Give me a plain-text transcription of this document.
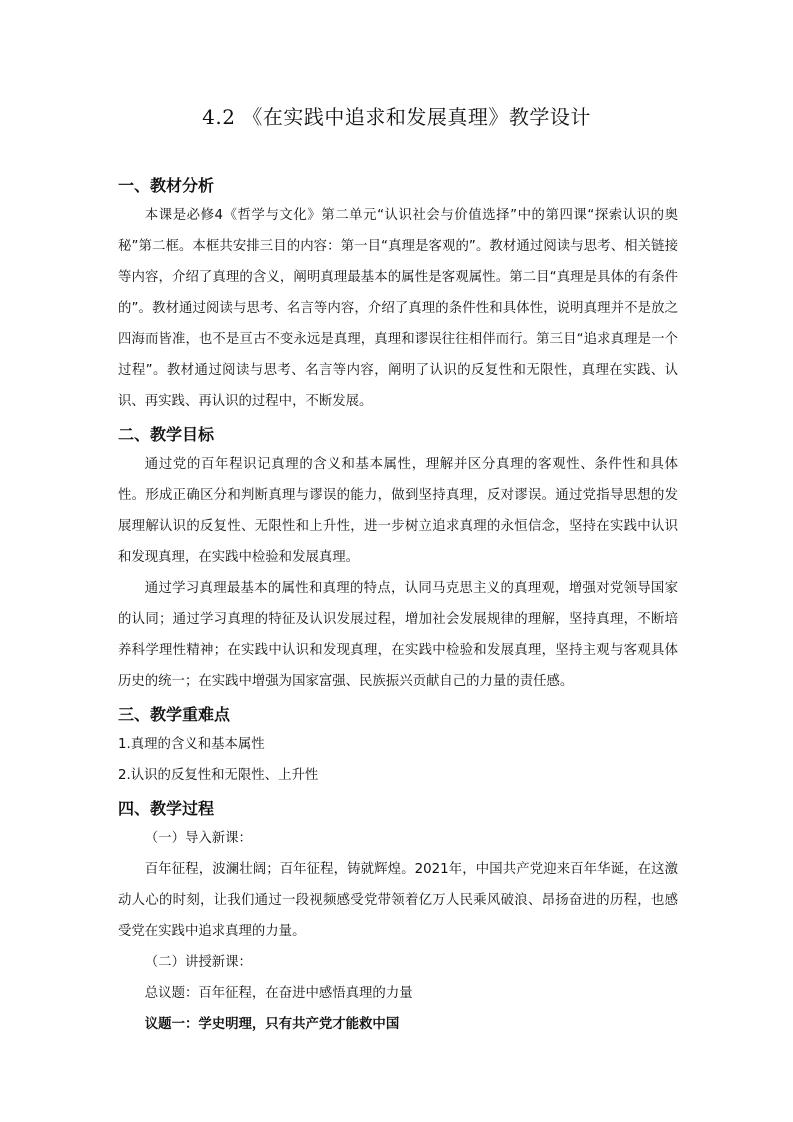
4.2 《在实践中追求和发展真理》教学设计

一、教材分析

本课是必修4《哲学与文化》第二单元“认识社会与价值选择”中的第四课“探索认识的奥秘”第二框。本框共安排三目的内容：第一目“真理是客观的”。教材通过阅读与思考、相关链接等内容，介绍了真理的含义，阐明真理最基本的属性是客观属性。第二目“真理是具体的有条件的”。教材通过阅读与思考、名言等内容，介绍了真理的条件性和具体性，说明真理并不是放之四海而皆准，也不是亘古不变永远是真理，真理和谬误往往相伴而行。第三目“追求真理是一个过程”。教材通过阅读与思考、名言等内容，阐明了认识的反复性和无限性，真理在实践、认识、再实践、再认识的过程中，不断发展。

二、教学目标

通过党的百年程识记真理的含义和基本属性，理解并区分真理的客观性、条件性和具体性。形成正确区分和判断真理与谬误的能力，做到坚持真理，反对谬误。通过党指导思想的发展理解认识的反复性、无限性和上升性，进一步树立追求真理的永恒信念，坚持在实践中认识和发现真理，在实践中检验和发展真理。

通过学习真理最基本的属性和真理的特点，认同马克思主义的真理观，增强对党领导国家的认同；通过学习真理的特征及认识发展过程，增加社会发展规律的理解，坚持真理，不断培养科学理性精神；在实践中认识和发现真理，在实践中检验和发展真理，坚持主观与客观具体历史的统一；在实践中增强为国家富强、民族振兴贡献自己的力量的责任感。

三、教学重难点

1.真理的含义和基本属性

2.认识的反复性和无限性、上升性

四、教学过程

（一）导入新课：

百年征程，波澜壮阔；百年征程，铸就辉煌。2021年，中国共产党迎来百年华诞，在这激动人心的时刻，让我们通过一段视频感受党带领着亿万人民乘风破浪、昂扬奋进的历程，也感受党在实践中追求真理的力量。

（二）讲授新课：

总议题：百年征程，在奋进中感悟真理的力量

议题一：学史明理，只有共产党才能救中国
